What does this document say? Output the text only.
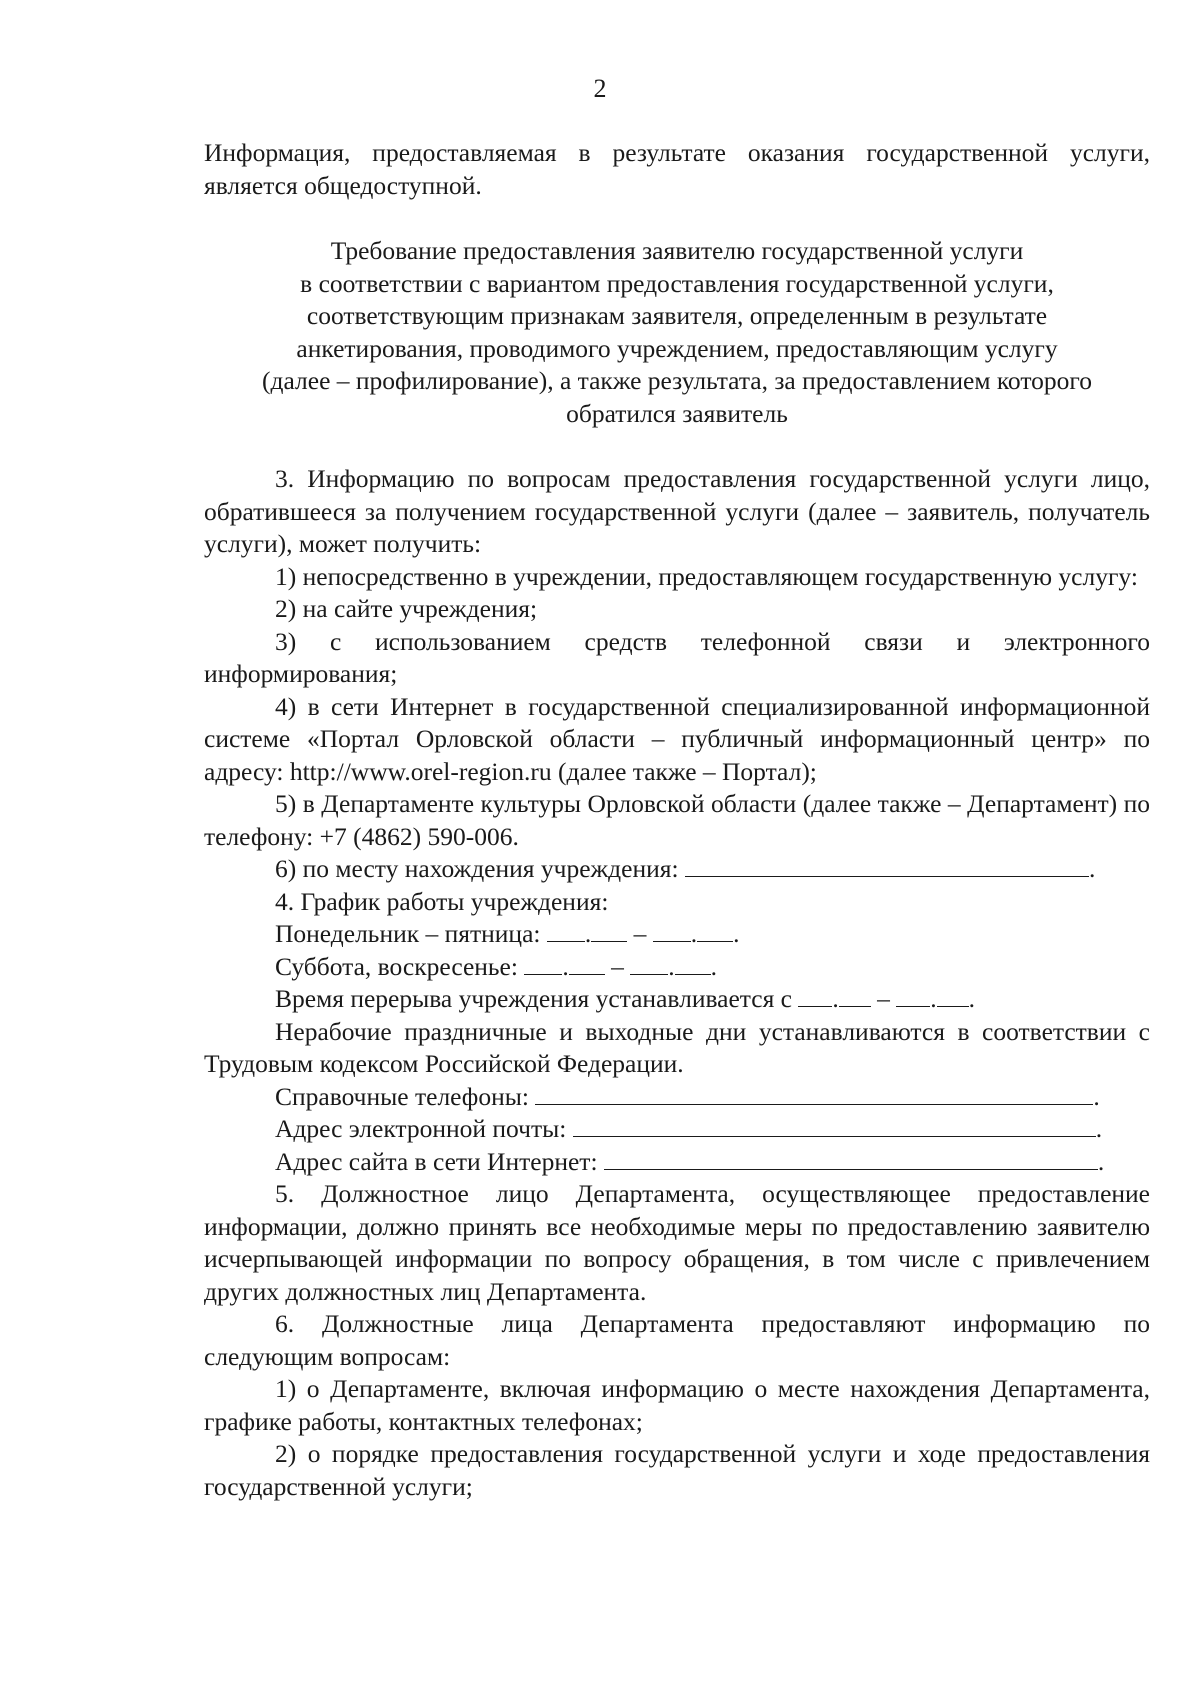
2

Информация, предоставляемая в результате оказания государственной услуги, является общедоступной.

Требование предоставления заявителю государственной услуги
в соответствии с вариантом предоставления государственной услуги,
соответствующим признакам заявителя, определенным в результате
анкетирования, проводимого учреждением, предоставляющим услугу
(далее – профилирование), а также результата, за предоставлением которого
обратился заявитель

3. Информацию по вопросам предоставления государственной услуги лицо, обратившееся за получением государственной услуги (далее – заявитель, получатель услуги), может получить:

1) непосредственно в учреждении, предоставляющем государственную услугу:

2) на сайте учреждения;

3) с использованием средств телефонной связи и электронного информирования;

4) в сети Интернет в государственной специализированной информационной системе «Портал Орловской области – публичный информационный центр» по адресу: http://www.orel-region.ru (далее также – Портал);

5) в Департаменте культуры Орловской области (далее также – Департамент) по телефону: +7 (4862) 590-006.

6) по месту нахождения учреждения:	.

4. График работы учреждения:

Понедельник – пятница: . – . .

Суббота, воскресенье: . – . .

Время перерыва учреждения устанавливается с . – . .

Нерабочие праздничные и выходные дни устанавливаются в соответствии с Трудовым кодексом Российской Федерации.

Справочные телефоны:	.

Адрес электронной почты:	.

Адрес сайта в сети Интернет:	.

5. Должностное лицо Департамента, осуществляющее предоставление информации, должно принять все необходимые меры по предоставлению заявителю исчерпывающей информации по вопросу обращения, в том числе с привлечением других должностных лиц Департамента.

6. Должностные лица Департамента предоставляют информацию по следующим вопросам:

1) о Департаменте, включая информацию о месте нахождения Департамента, графике работы, контактных телефонах;

2) о порядке предоставления государственной услуги и ходе предоставления государственной услуги;
